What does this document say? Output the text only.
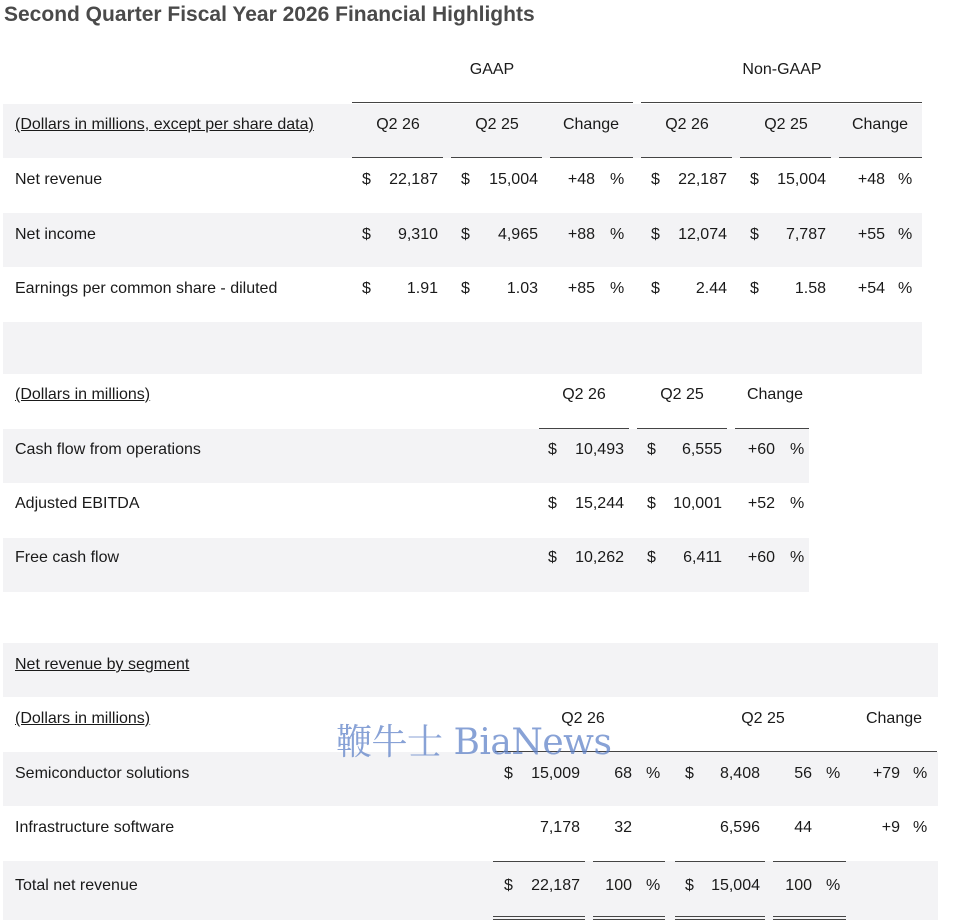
Second Quarter Fiscal Year 2026 Financial Highlights
GAAP	Non-GAAP
(Dollars in millions, except per share data)	Q2 26	Q2 25	Change	Q2 26	Q2 25	Change
Net revenue	$	22,187 $	15,004	+48 % $	22,187 $	15,004	+48 %
Net income	$	9,310 $	4,965	+88 % $	12,074 $	7,787	+55 %
Earnings per common share - diluted	$	1.91 $	1.03	+85 % $	2.44 $	1.58	+54 %
(Dollars in millions)	Q2 26	Q2 25	Change
Cash flow from operations	$	10,493 $	6,555	+60 %
Adjusted EBITDA	$	15,244 $	10,001	+52 %
Free cash flow	$	10,262 $	6,411	+60 %
Net revenue by segment
(Dollars in millions)	Q2 26	Q2 25	Change
Semiconductor solutions	$	15,009	68 % $	8,408	56 %	+79 %
Infrastructure software	7,178	32	6,596	44	+9 %
Total net revenue	$	22,187	100 % $	15,004	100 %
鞭牛士 BiaNews
